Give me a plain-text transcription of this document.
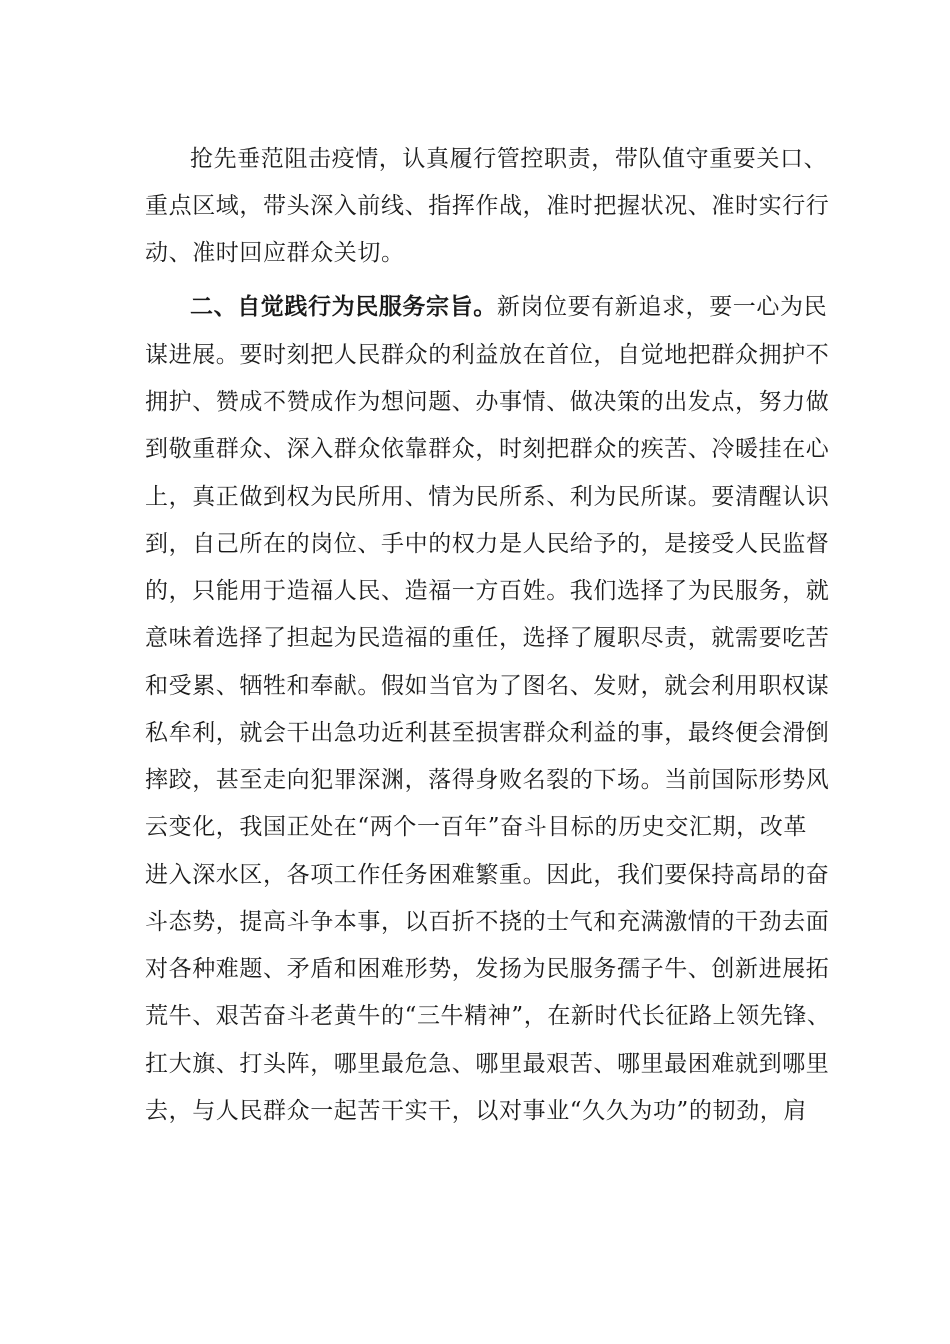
抢先垂范阻击疫情，认真履行管控职责，带队值守重要关口、
重点区域，带头深入前线、指挥作战，准时把握状况、准时实行行
动、准时回应群众关切。
二、自觉践行为民服务宗旨。新岗位要有新追求，要一心为民
谋进展。要时刻把人民群众的利益放在首位，自觉地把群众拥护不
拥护、赞成不赞成作为想问题、办事情、做决策的出发点，努力做
到敬重群众、深入群众依靠群众，时刻把群众的疾苦、冷暖挂在心
上，真正做到权为民所用、情为民所系、利为民所谋。要清醒认识
到，自己所在的岗位、手中的权力是人民给予的，是接受人民监督
的，只能用于造福人民、造福一方百姓。我们选择了为民服务，就
意味着选择了担起为民造福的重任，选择了履职尽责，就需要吃苦
和受累、牺牲和奉献。假如当官为了图名、发财，就会利用职权谋
私牟利，就会干出急功近利甚至损害群众利益的事，最终便会滑倒
摔跤，甚至走向犯罪深渊，落得身败名裂的下场。当前国际形势风
云变化，我国正处在“两个一百年”奋斗目标的历史交汇期，改革
进入深水区，各项工作任务困难繁重。因此，我们要保持高昂的奋
斗态势，提高斗争本事，以百折不挠的士气和充满激情的干劲去面
对各种难题、矛盾和困难形势，发扬为民服务孺子牛、创新进展拓
荒牛、艰苦奋斗老黄牛的“三牛精神”，在新时代长征路上领先锋、
扛大旗、打头阵，哪里最危急、哪里最艰苦、哪里最困难就到哪里
去，与人民群众一起苦干实干，以对事业“久久为功”的韧劲，肩
